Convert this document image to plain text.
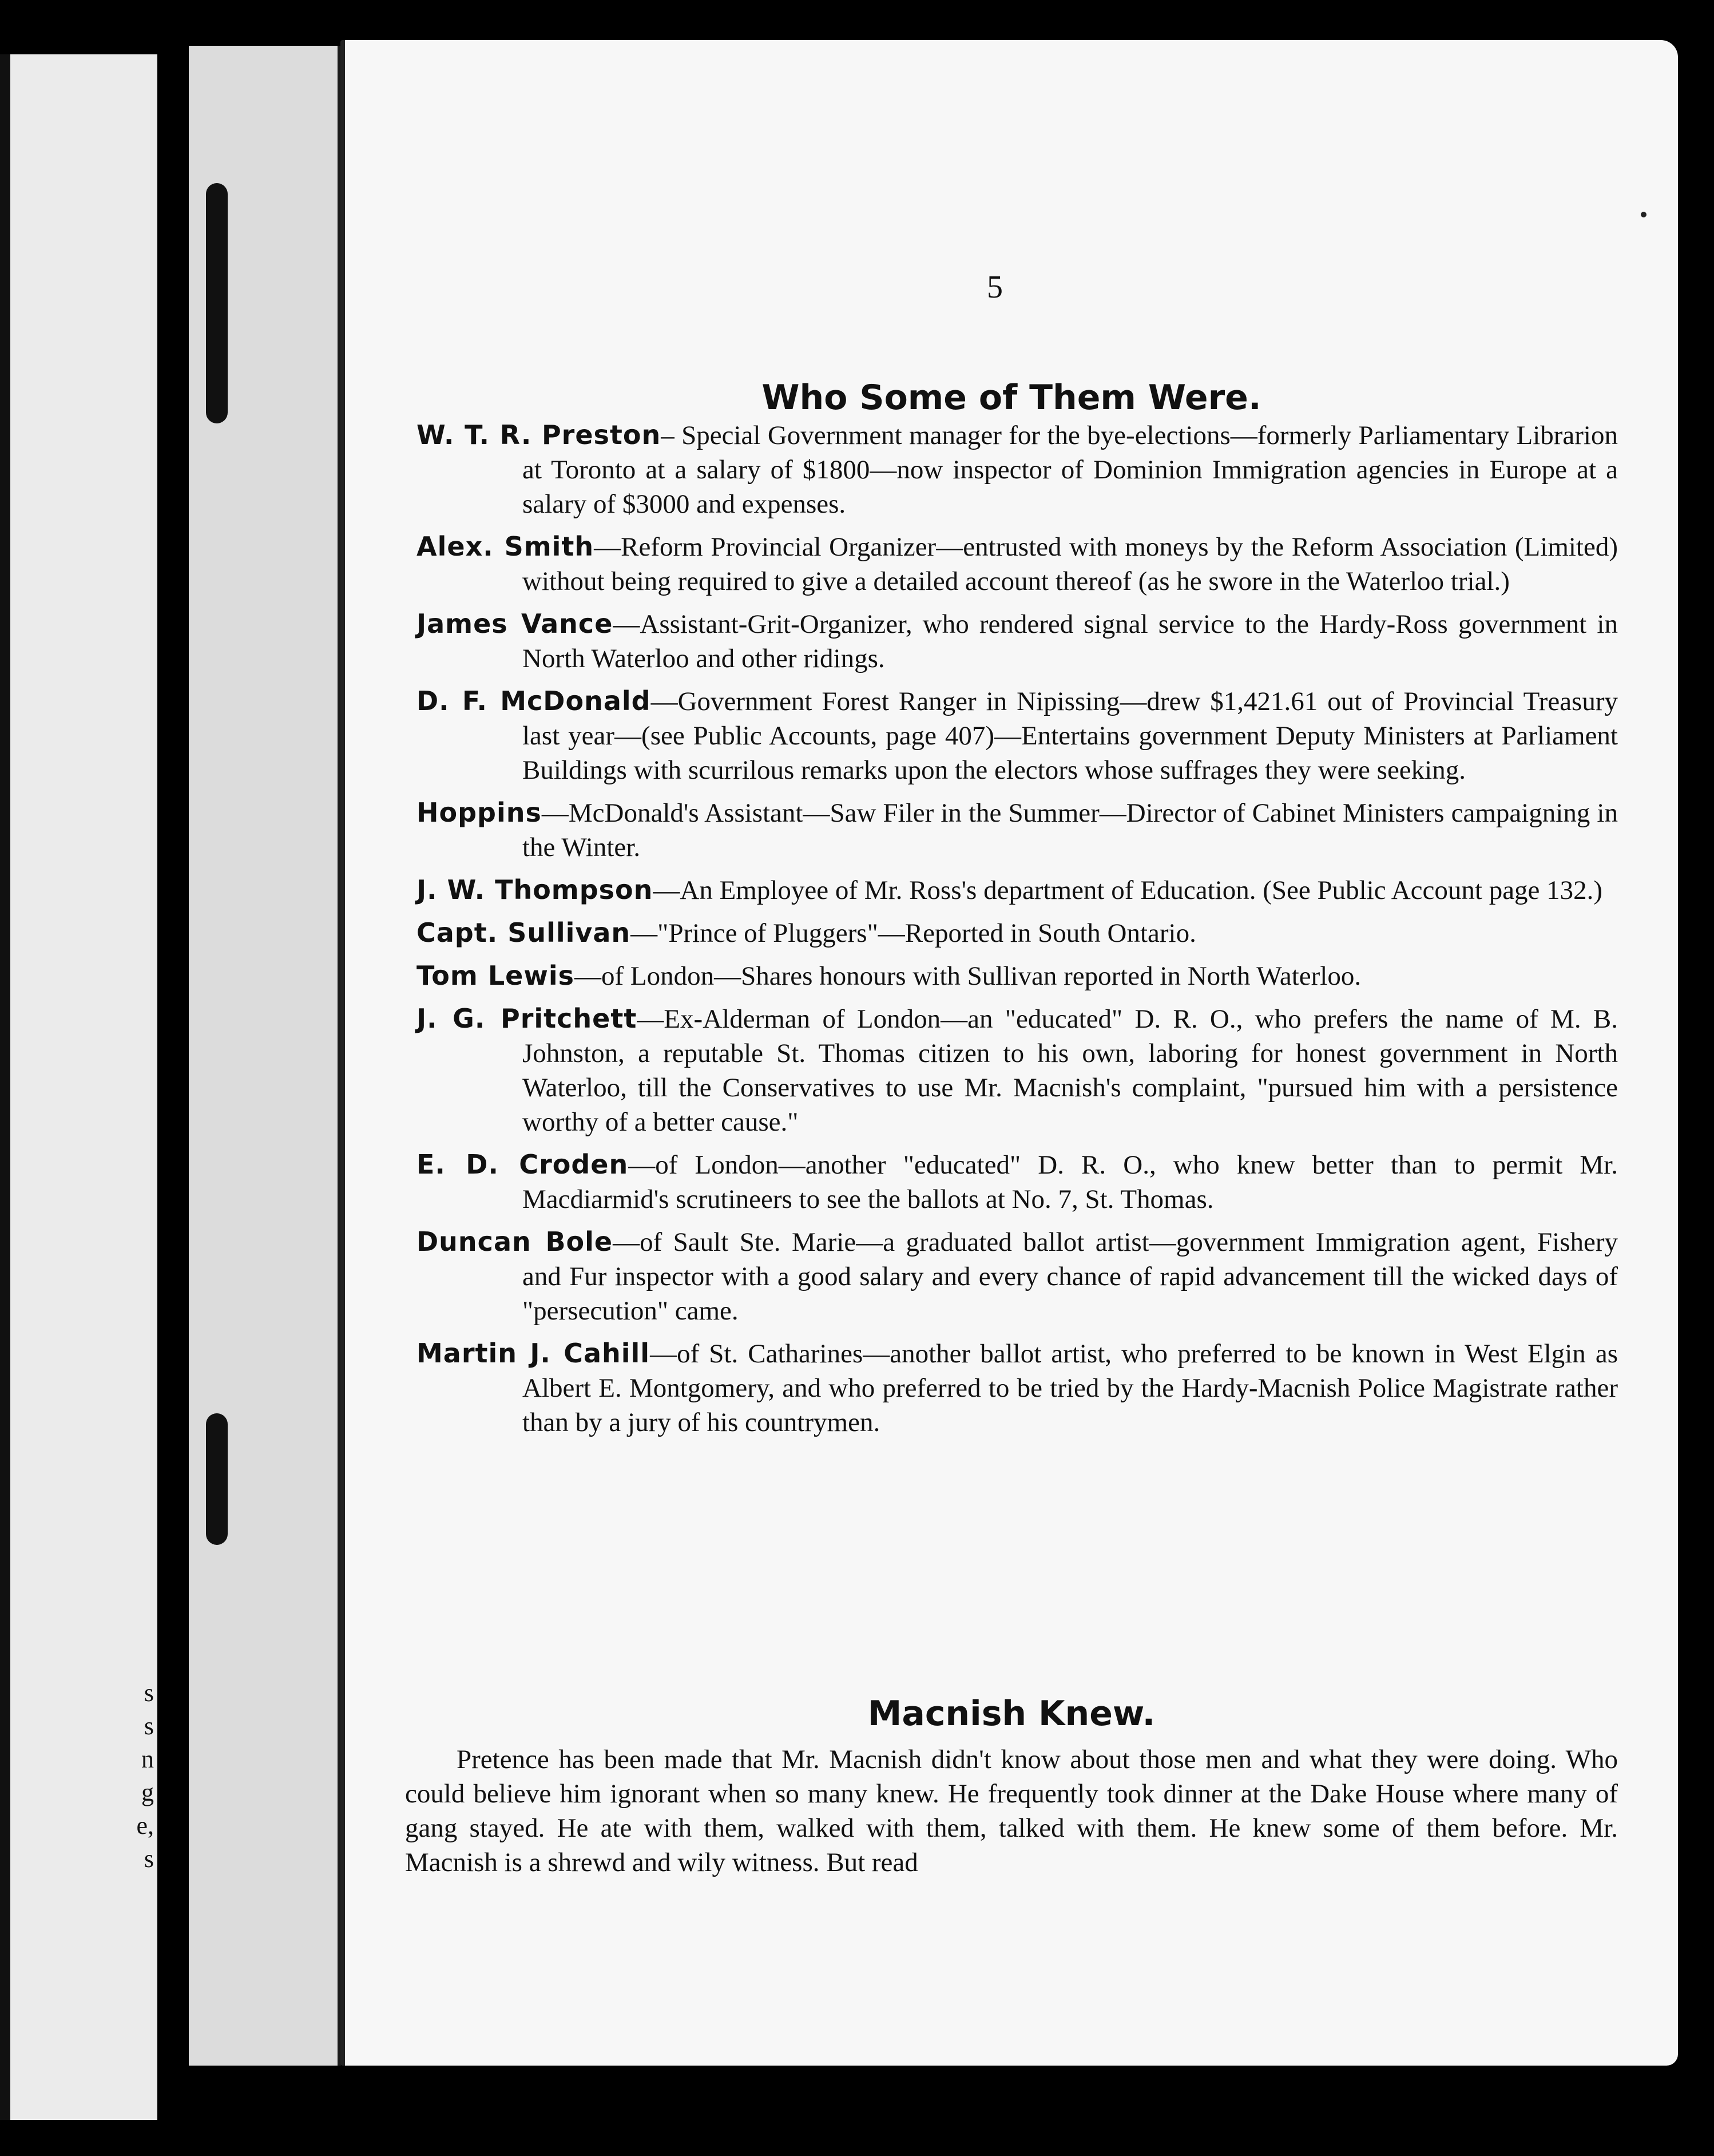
s
s
n
g
e,
s
5
Who Some of Them Were.
W. T. R. Preston– Special Government manager for the bye-elections—formerly Parliamentary Librarion at Toronto at a salary of $1800—now inspector of Dominion Immigration agencies in Europe at a salary of $3000 and expenses.
Alex. Smith—Reform Provincial Organizer—entrusted with moneys by the Reform Association (Limited) without being required to give a detailed account thereof (as he swore in the Waterloo trial.)
James Vance—Assistant-Grit-Organizer, who rendered signal service to the Hardy-Ross government in North Waterloo and other ridings.
D. F. McDonald—Government Forest Ranger in Nipissing—drew $1,421.61 out of Provincial Treasury last year—(see Public Accounts, page 407)—Entertains government Deputy Ministers at Parliament Buildings with scurrilous remarks upon the electors whose suffrages they were seeking.
Hoppins—McDonald's Assistant—Saw Filer in the Summer—Director of Cabinet Ministers campaigning in the Winter.
J. W. Thompson—An Employee of Mr. Ross's department of Education. (See Public Account page 132.)
Capt. Sullivan—"Prince of Pluggers"—Reported in South Ontario.
Tom Lewis—of London—Shares honours with Sullivan reported in North Waterloo.
J. G. Pritchett—Ex-Alderman of London—an "educated" D. R. O., who prefers the name of M. B. Johnston, a reputable St. Thomas citizen to his own, laboring for honest government in North Waterloo, till the Conservatives to use Mr. Macnish's complaint, "pursued him with a persistence worthy of a better cause."
E. D. Croden—of London—another "educated" D. R. O., who knew better than to permit Mr. Macdiarmid's scrutineers to see the ballots at No. 7, St. Thomas.
Duncan Bole—of Sault Ste. Marie—a graduated ballot artist—government Immigration agent, Fishery and Fur inspector with a good salary and every chance of rapid advancement till the wicked days of "persecution" came.
Martin J. Cahill—of St. Catharines—another ballot artist, who preferred to be known in West Elgin as Albert E. Montgomery, and who preferred to be tried by the Hardy-Macnish Police Magistrate rather than by a jury of his countrymen.
Macnish Knew.
Pretence has been made that Mr. Macnish didn't know about those men and what they were doing. Who could believe him ignorant when so many knew. He frequently took dinner at the Dake House where many of gang stayed. He ate with them, walked with them, talked with them. He knew some of them before. Mr. Macnish is a shrewd and wily witness. But read
